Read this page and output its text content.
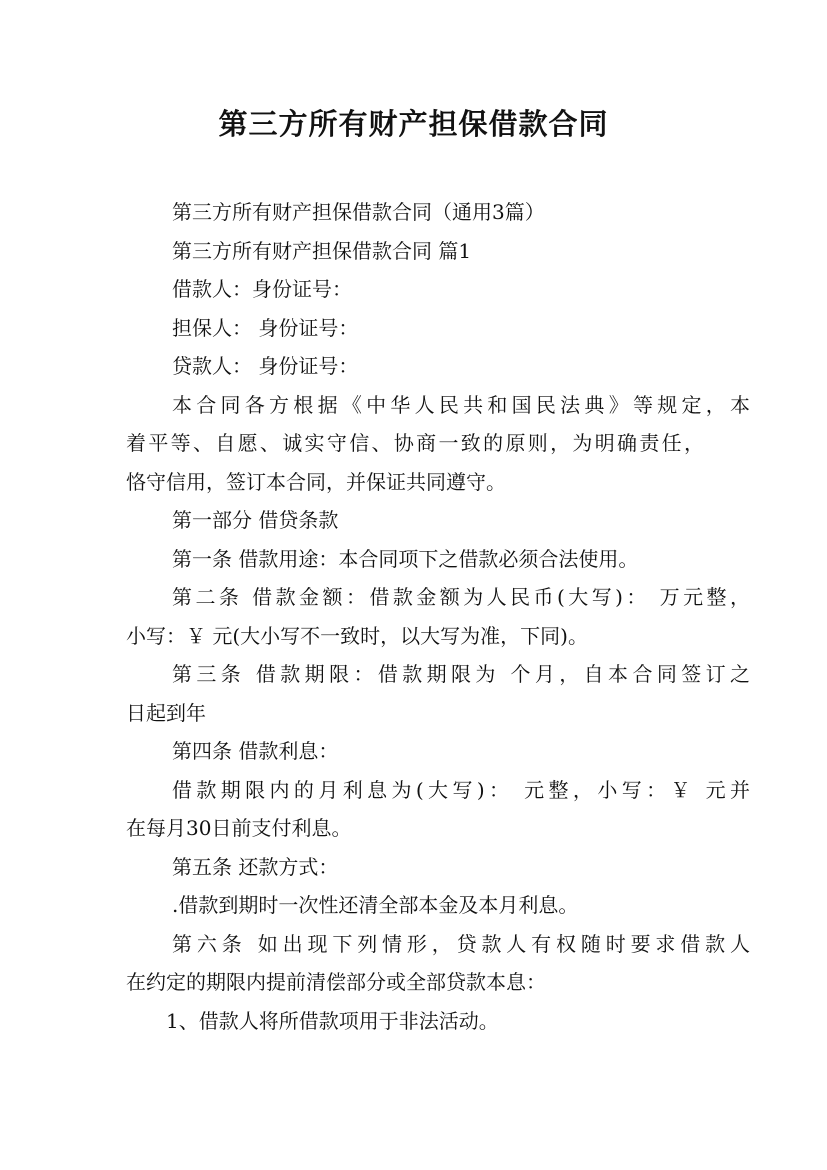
第三方所有财产担保借款合同
第三方所有财产担保借款合同（通用3篇）
第三方所有财产担保借款合同 篇1
借款人：身份证号：
担保人： 身份证号：
贷款人： 身份证号：
本合同各方根据《中华人民共和国民法典》等规定，本
着平等、自愿、诚实守信、协商一致的原则，为明确责任，
恪守信用，签订本合同，并保证共同遵守。
第一部分 借贷条款
第一条 借款用途：本合同项下之借款必须合法使用。
第二条 借款金额：借款金额为人民币(大写)： 万元整，
小写：￥ 元(大小写不一致时，以大写为准，下同)。
第三条 借款期限：借款期限为 个月，自本合同签订之
日起到年
第四条 借款利息：
借款期限内的月利息为(大写)： 元整，小写：￥ 元并
在每月30日前支付利息。
第五条 还款方式：
.借款到期时一次性还清全部本金及本月利息。
第六条 如出现下列情形，贷款人有权随时要求借款人
在约定的期限内提前清偿部分或全部贷款本息：
1、借款人将所借款项用于非法活动。
